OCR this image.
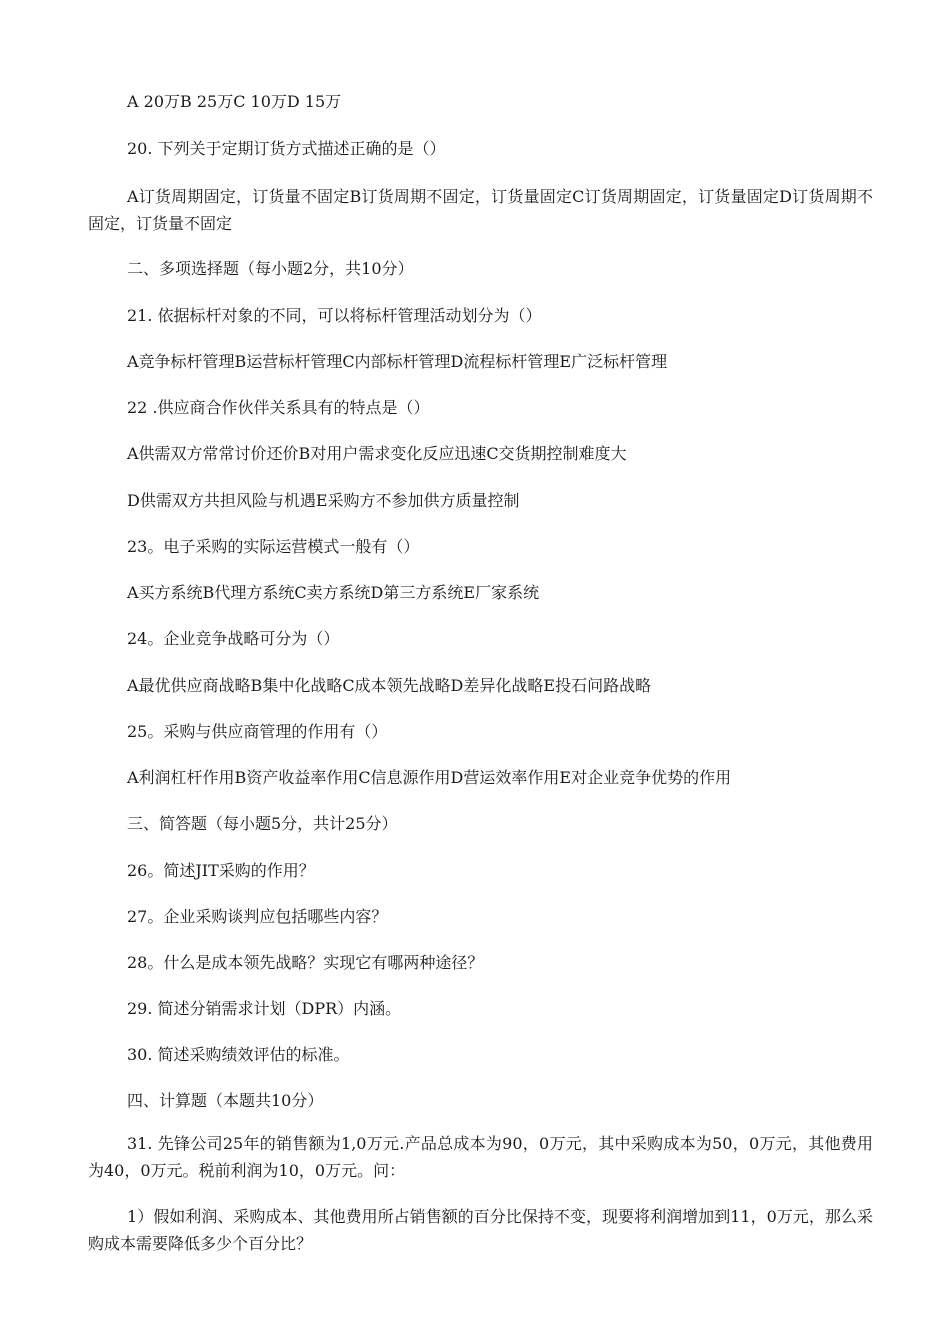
A 20万B 25万C 10万D 15万
20. 下列关于定期订货方式描述正确的是（）
A订货周期固定，订货量不固定B订货周期不固定，订货量固定C订货周期固定，订货量固定D订货周期不固定，订货量不固定
二、多项选择题（每小题2分，共10分）
21. 依据标杆对象的不同，可以将标杆管理活动划分为（）
A竞争标杆管理B运营标杆管理C内部标杆管理D流程标杆管理E广泛标杆管理
22 .供应商合作伙伴关系具有的特点是（）
A供需双方常常讨价还价B对用户需求变化反应迅速C交货期控制难度大
D供需双方共担风险与机遇E采购方不参加供方质量控制
23。电子采购的实际运营模式一般有（）
A买方系统B代理方系统C卖方系统D第三方系统E厂家系统
24。企业竞争战略可分为（）
A最优供应商战略B集中化战略C成本领先战略D差异化战略E投石问路战略
25。采购与供应商管理的作用有（）
A利润杠杆作用B资产收益率作用C信息源作用D营运效率作用E对企业竞争优势的作用
三、简答题（每小题5分，共计25分）
26。简述JIT采购的作用？
27。企业采购谈判应包括哪些内容？
28。什么是成本领先战略？实现它有哪两种途径？
29. 简述分销需求计划（DPR）内涵。
30. 简述采购绩效评估的标准。
四、计算题（本题共10分）
31. 先锋公司25年的销售额为1,0万元.产品总成本为90，0万元，其中采购成本为50，0万元，其他费用为40，0万元。税前利润为10，0万元。问：
1）假如利润、采购成本、其他费用所占销售额的百分比保持不变，现要将利润增加到11，0万元，那么采购成本需要降低多少个百分比？
